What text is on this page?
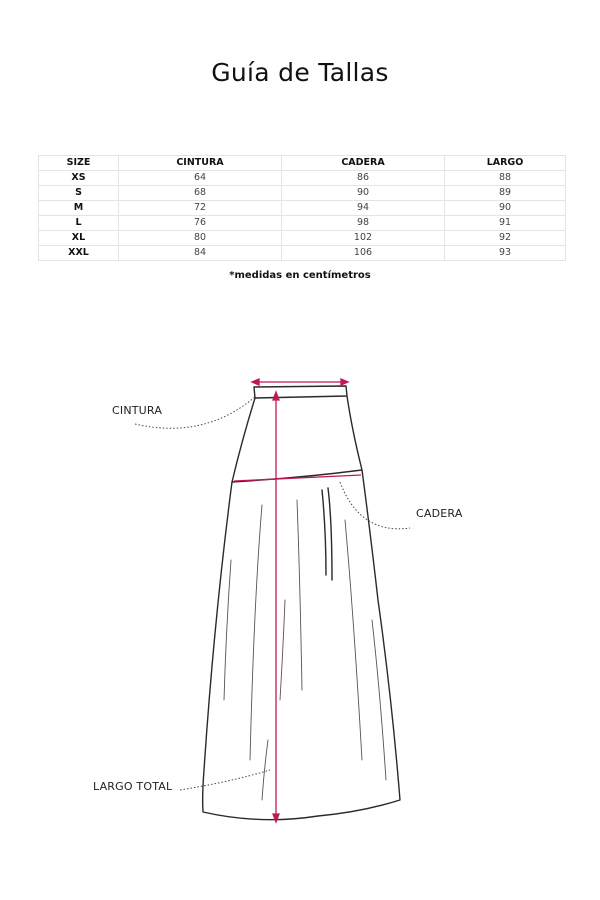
Guía de Tallas
SIZE	CINTURA	CADERA	LARGO
XS	64	86	88
S	68	90	89
M	72	94	90
L	76	98	91
XL	80	102	92
XXL	84	106	93
*medidas en centímetros
CINTURA
CADERA
LARGO TOTAL
